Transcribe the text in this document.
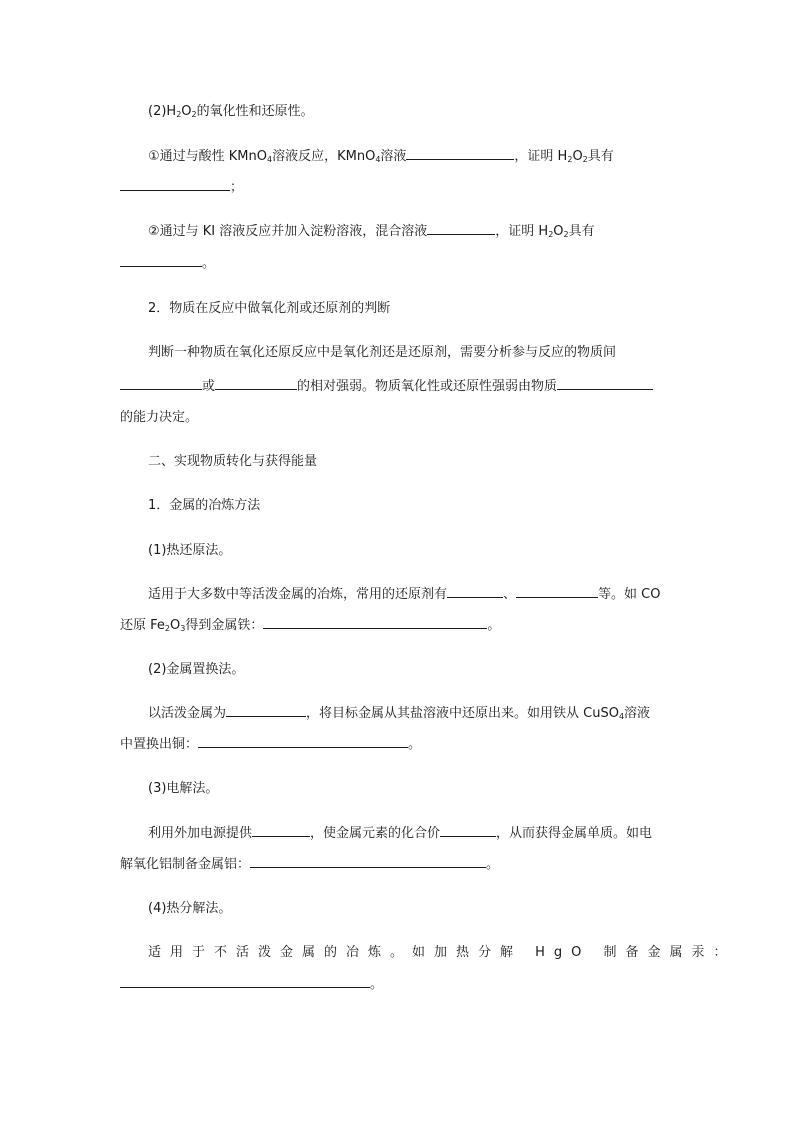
$(2)H_2O_2$的氧化性和还原性。
①通过与酸性 KMnO$_4$溶液反应，KMnO$_4$溶液	，证明 $H_2O_2$具有
；
②通过与 KI 溶液反应并加入淀粉溶液，混合溶液	，证明 $H_2O_2$具有
。
2．物质在反应中做氧化剂或还原剂的判断
判断一种物质在氧化还原反应中是氧化剂还是还原剂，需要分析参与反应的物质间
或	的相对强弱。物质氧化性或还原性强弱由物质
的能力决定。
二、实现物质转化与获得能量
1．金属的冶炼方法
(1)热还原法。
适用于大多数中等活泼金属的冶炼，常用的还原剂有	、	等。如 CO
还原 $Fe_2O_3$得到金属铁：	。
(2)金属置换法。
以活泼金属为	，将目标金属从其盐溶液中还原出来。如用铁从 CuSO$_4$溶液
中置换出铜：	。
(3)电解法。
利用外加电源提供	，使金属元素的化合价	，从而获得金属单质。如电
解氧化铝制备金属铝：	。
(4)热分解法。
适用于不活泼金属的冶炼。如加热分解 HgO 制备金属汞：
。
